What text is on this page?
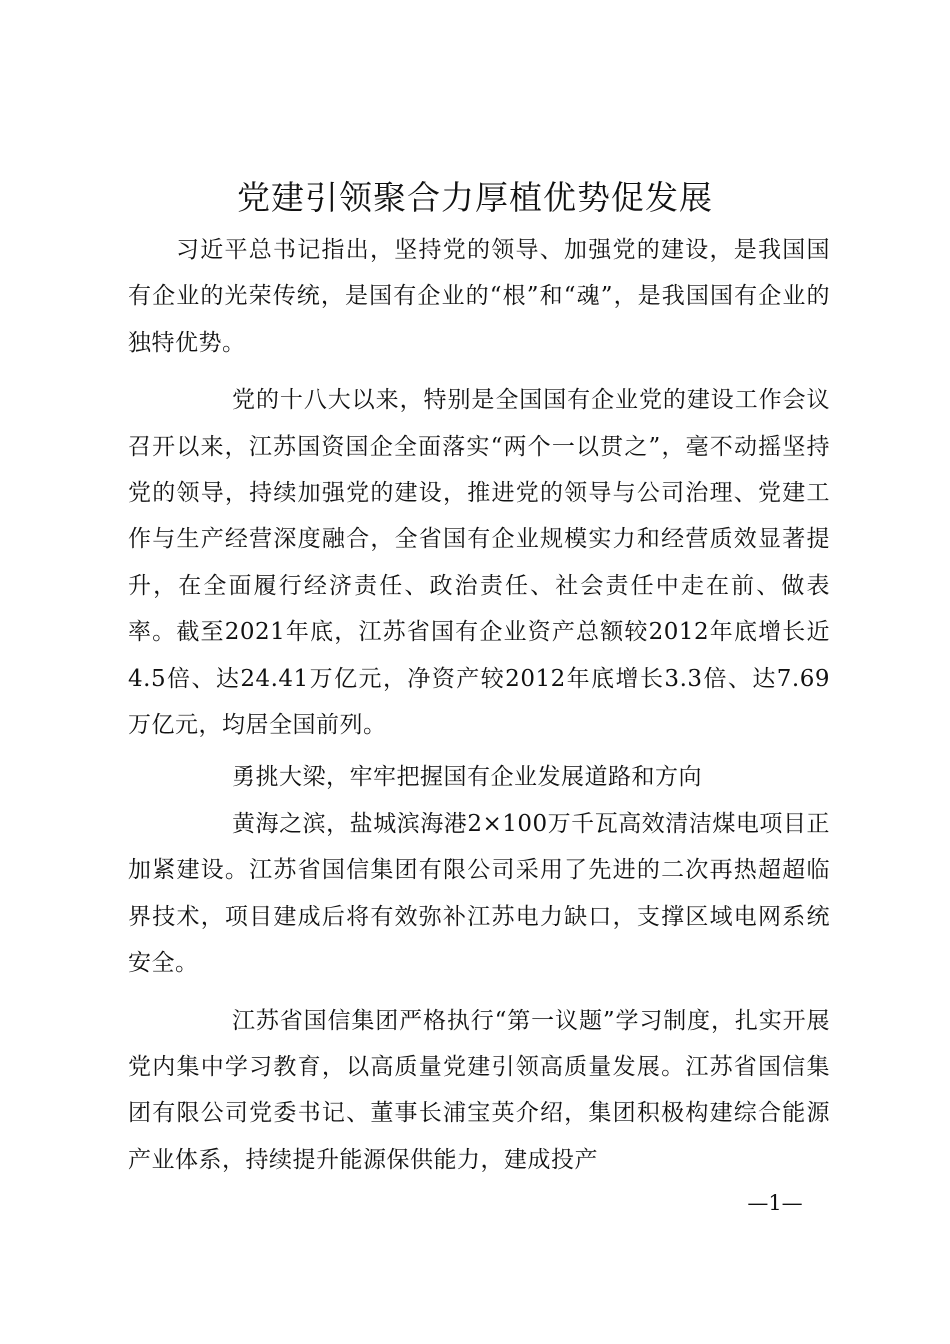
党建引领聚合力厚植优势促发展

习近平总书记指出，坚持党的领导、加强党的建设，是我国国有企业的光荣传统，是国有企业的“根”和“魂”，是我国国有企业的独特优势。

党的十八大以来，特别是全国国有企业党的建设工作会议召开以来，江苏国资国企全面落实“两个一以贯之”，毫不动摇坚持党的领导，持续加强党的建设，推进党的领导与公司治理、党建工作与生产经营深度融合，全省国有企业规模实力和经营质效显著提升，在全面履行经济责任、政治责任、社会责任中走在前、做表率。截至2021年底，江苏省国有企业资产总额较2012年底增长近4.5倍、达24.41万亿元，净资产较2012年底增长3.3倍、达7.69万亿元，均居全国前列。

勇挑大梁，牢牢把握国有企业发展道路和方向

黄海之滨，盐城滨海港2×100万千瓦高效清洁煤电项目正加紧建设。江苏省国信集团有限公司采用了先进的二次再热超超临界技术，项目建成后将有效弥补江苏电力缺口，支撑区域电网系统安全。

江苏省国信集团严格执行“第一议题”学习制度，扎实开展党内集中学习教育，以高质量党建引领高质量发展。江苏省国信集团有限公司党委书记、董事长浦宝英介绍，集团积极构建综合能源产业体系，持续提升能源保供能力，建成投产

—1—
